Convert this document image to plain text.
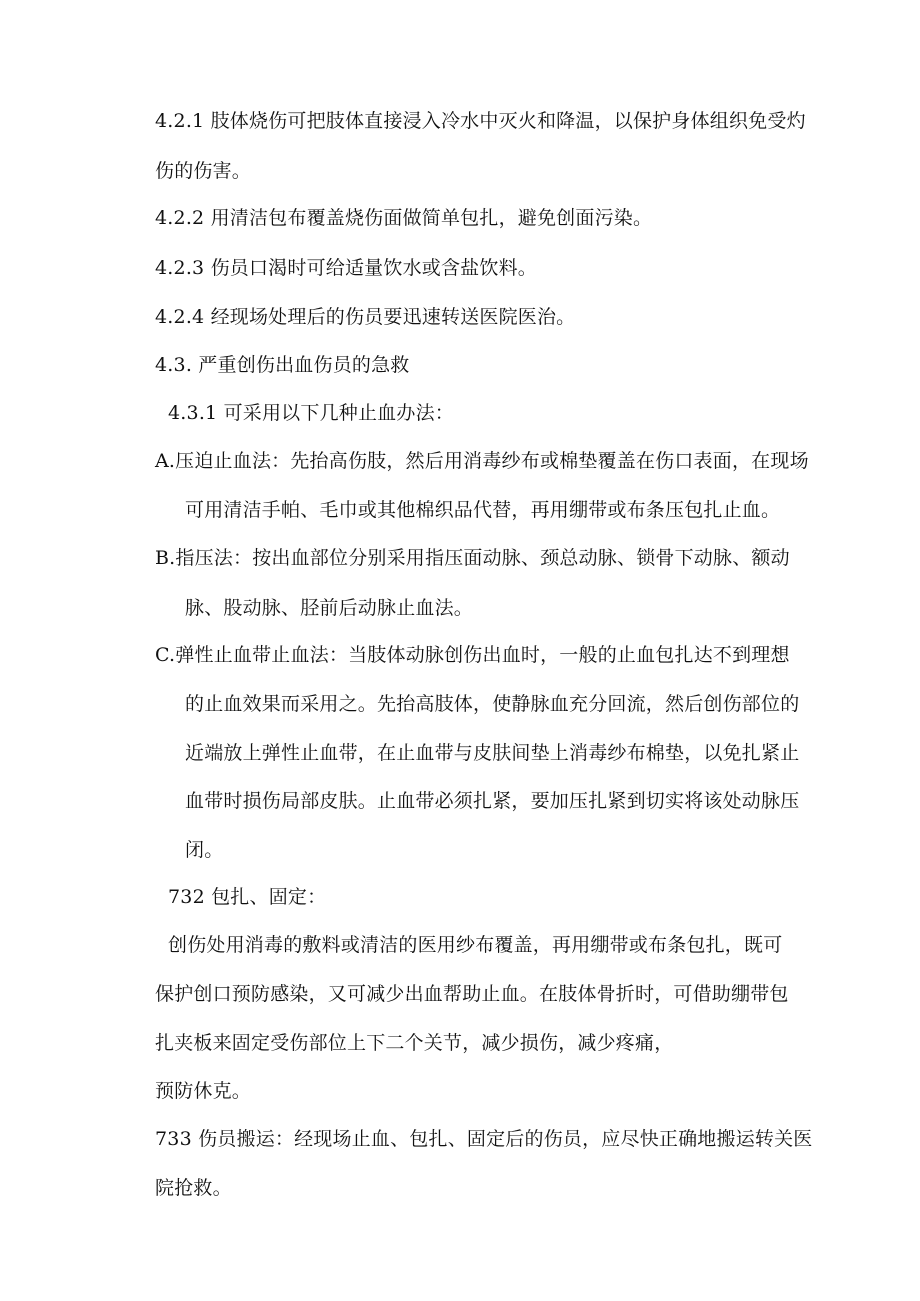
4.2.1 肢体烧伤可把肢体直接浸入冷水中灭火和降温，以保护身体组织免受灼
伤的伤害。
4.2.2 用清洁包布覆盖烧伤面做简单包扎，避免创面污染。
4.2.3 伤员口渴时可给适量饮水或含盐饮料。
4.2.4 经现场处理后的伤员要迅速转送医院医治。
4.3. 严重创伤出血伤员的急救
4.3.1 可采用以下几种止血办法：
A.压迫止血法：先抬高伤肢，然后用消毒纱布或棉垫覆盖在伤口表面，在现场
可用清洁手帕、毛巾或其他棉织品代替，再用绷带或布条压包扎止血。
B.指压法：按出血部位分别采用指压面动脉、颈总动脉、锁骨下动脉、额动
脉、股动脉、胫前后动脉止血法。
C.弹性止血带止血法：当肢体动脉创伤出血时，一般的止血包扎达不到理想
的止血效果而采用之。先抬高肢体，使静脉血充分回流，然后创伤部位的
近端放上弹性止血带，在止血带与皮肤间垫上消毒纱布棉垫，以免扎紧止
血带时损伤局部皮肤。止血带必须扎紧，要加压扎紧到切实将该处动脉压
闭。
732 包扎、固定：
创伤处用消毒的敷料或清洁的医用纱布覆盖，再用绷带或布条包扎，既可
保护创口预防感染，又可减少出血帮助止血。在肢体骨折时，可借助绷带包
扎夹板来固定受伤部位上下二个关节，减少损伤，减少疼痛，
预防休克。
733 伤员搬运：经现场止血、包扎、固定后的伤员，应尽快正确地搬运转关医
院抢救。
